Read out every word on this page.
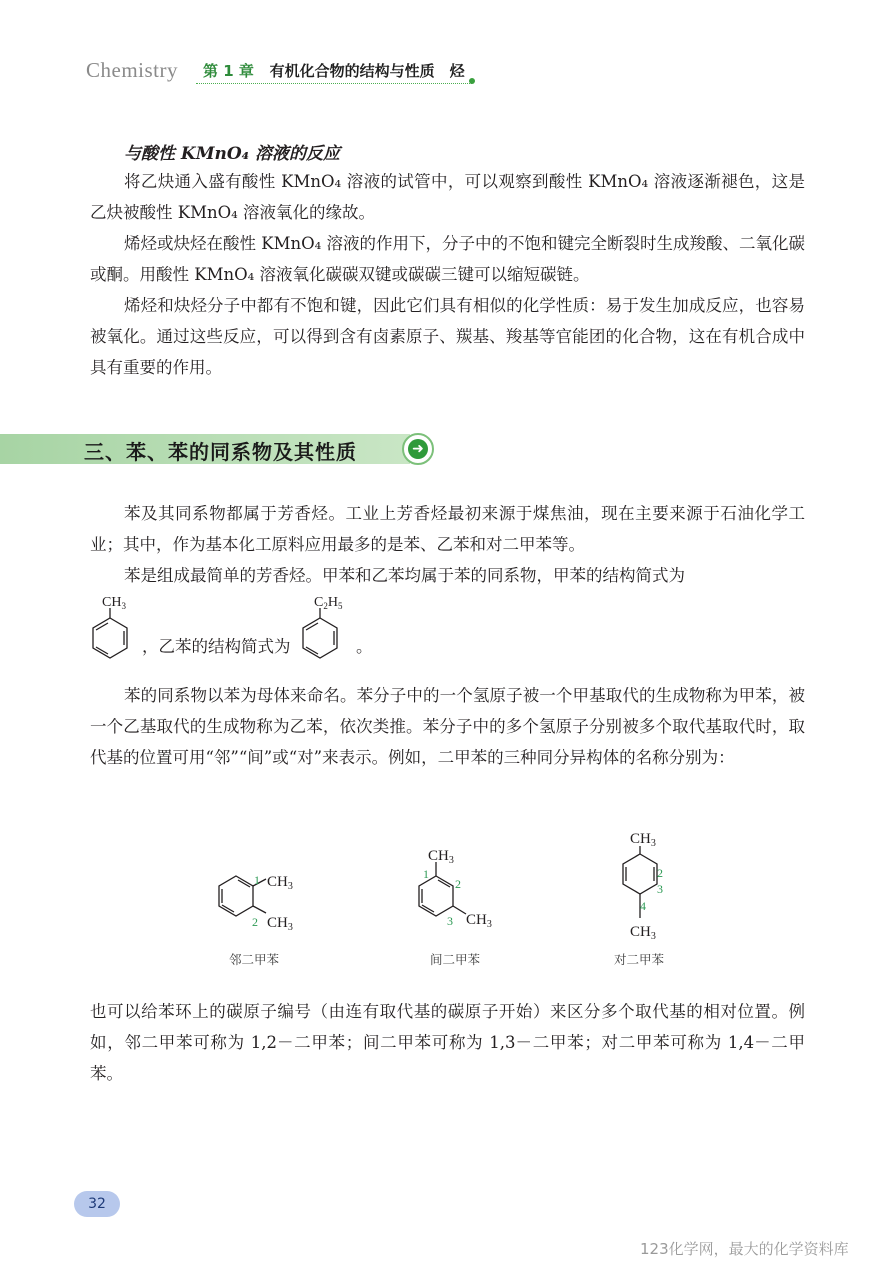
Chemistry 第 1 章 有机化合物的结构与性质　烃
与酸性 KMnO₄ 溶液的反应
将乙炔通入盛有酸性 KMnO₄ 溶液的试管中，可以观察到酸性 KMnO₄ 溶液逐渐褪色，这是乙炔被酸性 KMnO₄ 溶液氧化的缘故。
烯烃或炔烃在酸性 KMnO₄ 溶液的作用下，分子中的不饱和键完全断裂时生成羧酸、二氧化碳或酮。用酸性 KMnO₄ 溶液氧化碳碳双键或碳碳三键可以缩短碳链。
烯烃和炔烃分子中都有不饱和键，因此它们具有相似的化学性质：易于发生加成反应，也容易被氧化。通过这些反应，可以得到含有卤素原子、羰基、羧基等官能团的化合物，这在有机合成中具有重要的作用。
三、苯、苯的同系物及其性质	➜
苯及其同系物都属于芳香烃。工业上芳香烃最初来源于煤焦油，现在主要来源于石油化学工业；其中，作为基本化工原料应用最多的是苯、乙苯和对二甲苯等。
苯是组成最简单的芳香烃。甲苯和乙苯均属于苯的同系物，甲苯的结构简式为
$CH_3$
，乙苯的结构简式为
$C_2H_5$
。
苯的同系物以苯为母体来命名。苯分子中的一个氢原子被一个甲基取代的生成物称为甲苯，被一个乙基取代的生成物称为乙苯，依次类推。苯分子中的多个氢原子分别被多个取代基取代时，取代基的位置可用“邻”“间”或“对”来表示。例如，二甲苯的三种同分异构体的名称分别为：
1
2
$CH_3$
$CH_3$
邻二甲苯
$CH_3$
1
2
3 $CH_3$
间二甲苯
$CH_3$
2
3
4
$CH_3$
对二甲苯
也可以给苯环上的碳原子编号（由连有取代基的碳原子开始）来区分多个取代基的相对位置。例如，邻二甲苯可称为 1,2－二甲苯；间二甲苯可称为 1,3－二甲苯；对二甲苯可称为 1,4－二甲苯。
32
123化学网，最大的化学资料库
